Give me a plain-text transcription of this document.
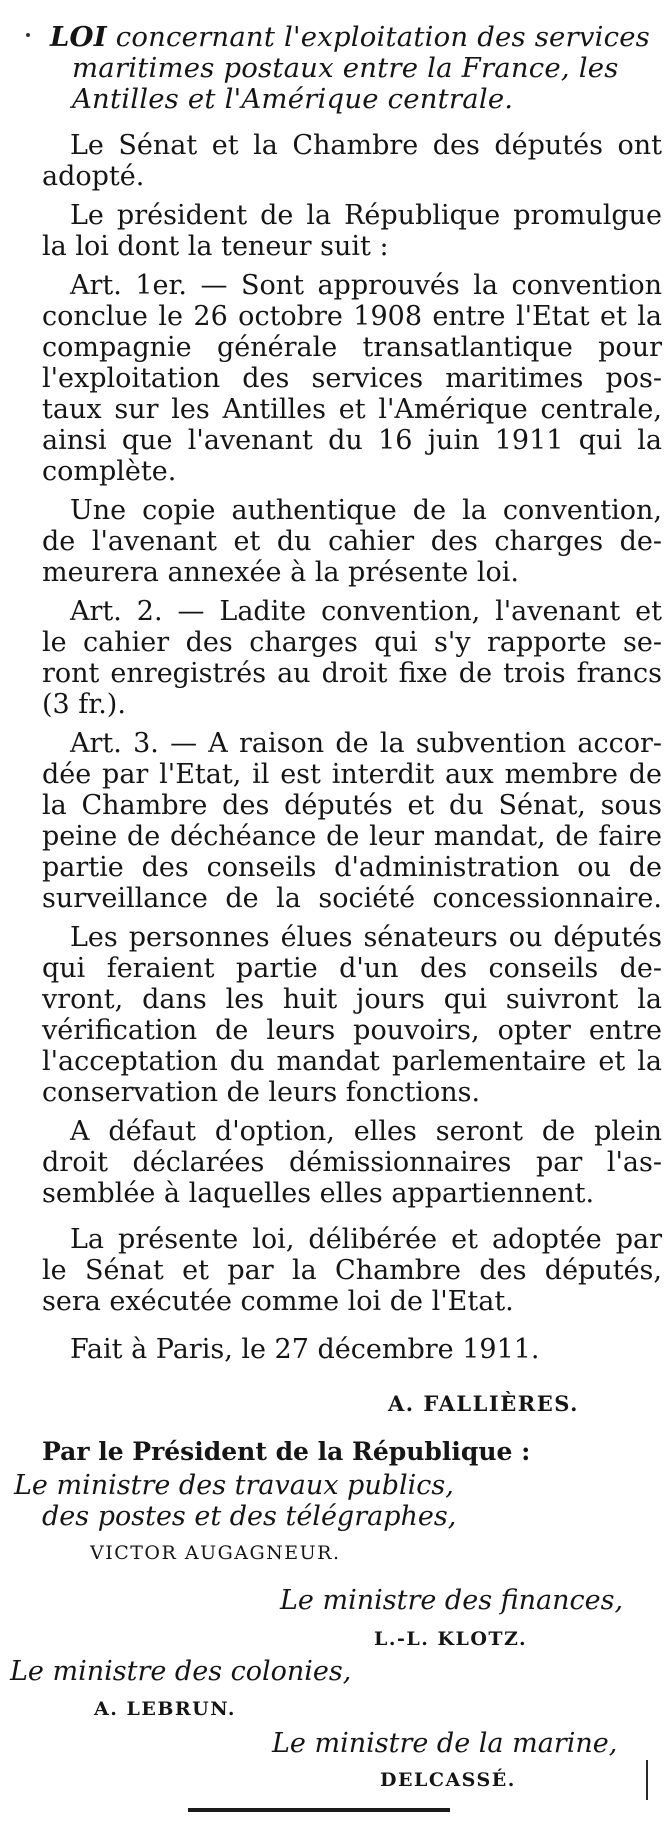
LOI concernant l'exploitation des services
maritimes postaux entre la France, les
Antilles et l'Amérique centrale.
Le Sénat et la Chambre des députés ont
adopté.
Le président de la République promulgue
la loi dont la teneur suit :
Art. 1er. — Sont approuvés la convention
conclue le 26 octobre 1908 entre l'Etat et la
compagnie générale transatlantique pour
l'exploitation des services maritimes pos-
taux sur les Antilles et l'Amérique centrale,
ainsi que l'avenant du 16 juin 1911 qui la
complète.
Une copie authentique de la convention,
de l'avenant et du cahier des charges de-
meurera annexée à la présente loi.
Art. 2. — Ladite convention, l'avenant et
le cahier des charges qui s'y rapporte se-
ront enregistrés au droit fixe de trois francs
(3 fr.).
Art. 3. — A raison de la subvention accor-
dée par l'Etat, il est interdit aux membre de
la Chambre des députés et du Sénat, sous
peine de déchéance de leur mandat, de faire
partie des conseils d'administration ou de
surveillance de la société concessionnaire.
Les personnes élues sénateurs ou députés
qui feraient partie d'un des conseils de-
vront, dans les huit jours qui suivront la
vérification de leurs pouvoirs, opter entre
l'acceptation du mandat parlementaire et la
conservation de leurs fonctions.
A défaut d'option, elles seront de plein
droit déclarées démissionnaires par l'as-
semblée à laquelles elles appartiennent.
La présente loi, délibérée et adoptée par
le Sénat et par la Chambre des députés,
sera exécutée comme loi de l'Etat.
Fait à Paris, le 27 décembre 1911.
A. FALLIÈRES.
Par le Président de la République :
Le ministre des travaux publics,
des postes et des télégraphes,
VICTOR AUGAGNEUR.
Le ministre des finances,
L.-L. KLOTZ.
Le ministre des colonies,
A. LEBRUN.
Le ministre de la marine,
DELCASSÉ.
